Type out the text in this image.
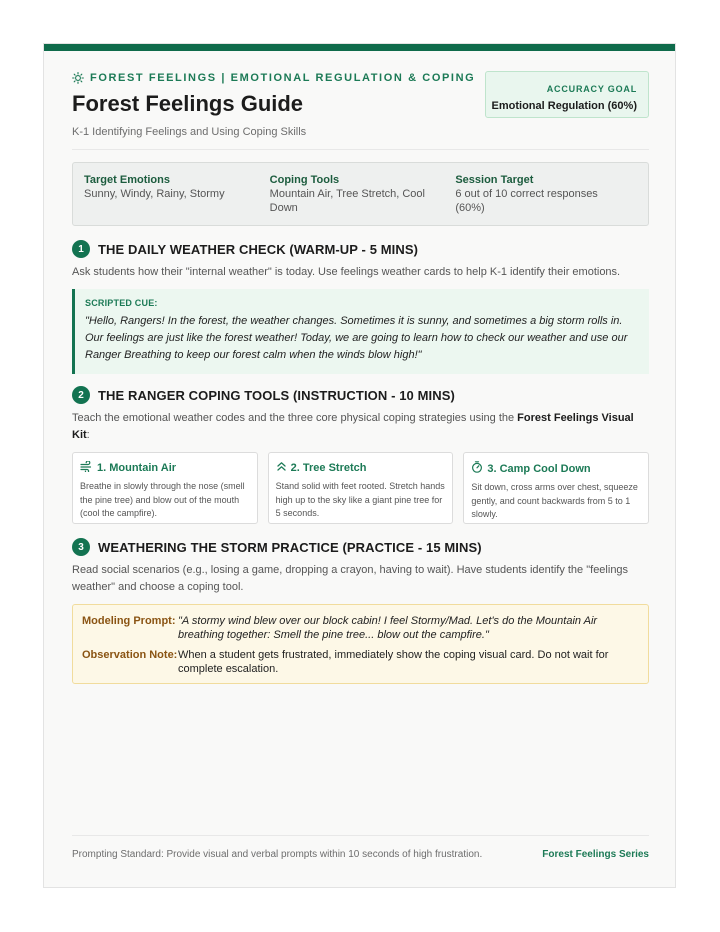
FOREST FEELINGS | EMOTIONAL REGULATION & COPING
Forest Feelings Guide
K-1 Identifying Feelings and Using Coping Skills
ACCURACY GOAL
Emotional Regulation (60%)
Target Emotions
Sunny, Windy, Rainy, Stormy
Coping Tools
Mountain Air, Tree Stretch, Cool Down
Session Target
6 out of 10 correct responses (60%)
1	THE DAILY WEATHER CHECK (WARM-UP - 5 MINS)
Ask students how their "internal weather" is today. Use feelings weather cards to help K-1 identify their emotions.
SCRIPTED CUE:
"Hello, Rangers! In the forest, the weather changes. Sometimes it is sunny, and sometimes a big storm rolls in. Our feelings are just like the forest weather! Today, we are going to learn how to check our weather and use our Ranger Breathing to keep our forest calm when the winds blow high!"
2	THE RANGER COPING TOOLS (INSTRUCTION - 10 MINS)
Teach the emotional weather codes and the three core physical coping strategies using the Forest Feelings Visual Kit:
1. Mountain Air
Breathe in slowly through the nose (smell the pine tree) and blow out of the mouth (cool the campfire).
2. Tree Stretch
Stand solid with feet rooted. Stretch hands high up to the sky like a giant pine tree for 5 seconds.
3. Camp Cool Down
Sit down, cross arms over chest, squeeze gently, and count backwards from 5 to 1 slowly.
3	WEATHERING THE STORM PRACTICE (PRACTICE - 15 MINS)
Read social scenarios (e.g., losing a game, dropping a crayon, having to wait). Have students identify the "feelings weather" and choose a coping tool.
Modeling Prompt: "A stormy wind blew over our block cabin! I feel Stormy/Mad. Let's do the Mountain Air breathing together: Smell the pine tree... blow out the campfire."
Observation Note: When a student gets frustrated, immediately show the coping visual card. Do not wait for complete escalation.
Prompting Standard: Provide visual and verbal prompts within 10 seconds of high frustration.	Forest Feelings Series
